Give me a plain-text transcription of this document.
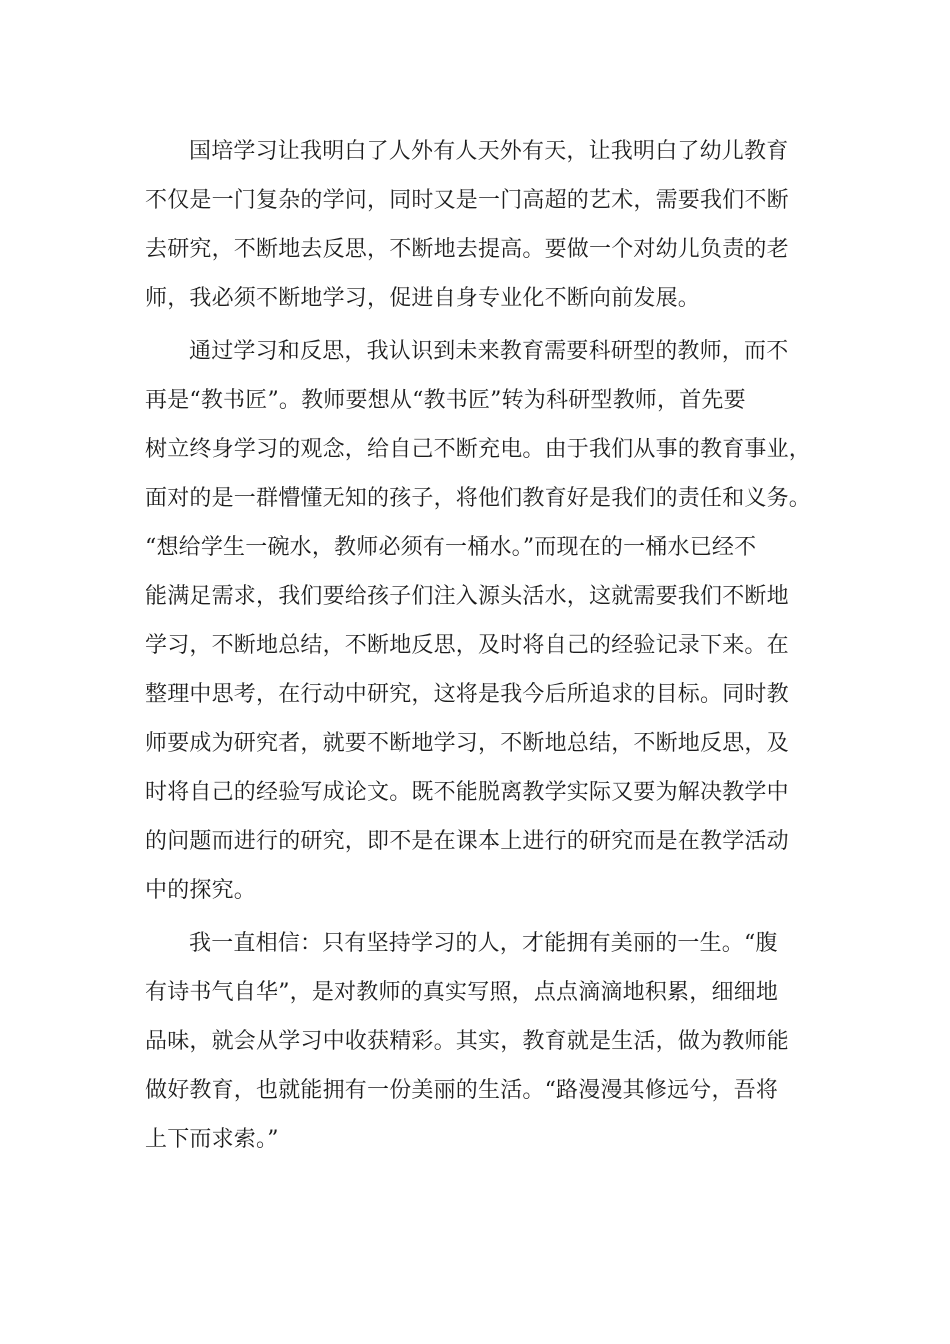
国培学习让我明白了人外有人天外有天，让我明白了幼儿教育
不仅是一门复杂的学问，同时又是一门高超的艺术，需要我们不断
去研究，不断地去反思，不断地去提高。要做一个对幼儿负责的老
师，我必须不断地学习，促进自身专业化不断向前发展。
通过学习和反思，我认识到未来教育需要科研型的教师，而不
再是“教书匠”。教师要想从“教书匠”转为科研型教师，首先要
树立终身学习的观念，给自己不断充电。由于我们从事的教育事业，
面对的是一群懵懂无知的孩子，将他们教育好是我们的责任和义务。
“想给学生一碗水，教师必须有一桶水。”而现在的一桶水已经不
能满足需求，我们要给孩子们注入源头活水，这就需要我们不断地
学习，不断地总结，不断地反思，及时将自己的经验记录下来。在
整理中思考，在行动中研究，这将是我今后所追求的目标。同时教
师要成为研究者，就要不断地学习，不断地总结，不断地反思，及
时将自己的经验写成论文。既不能脱离教学实际又要为解决教学中
的问题而进行的研究，即不是在课本上进行的研究而是在教学活动
中的探究。
我一直相信：只有坚持学习的人，才能拥有美丽的一生。“腹
有诗书气自华”，是对教师的真实写照，点点滴滴地积累，细细地
品味，就会从学习中收获精彩。其实，教育就是生活，做为教师能
做好教育，也就能拥有一份美丽的生活。“路漫漫其修远兮，吾将
上下而求索。”
